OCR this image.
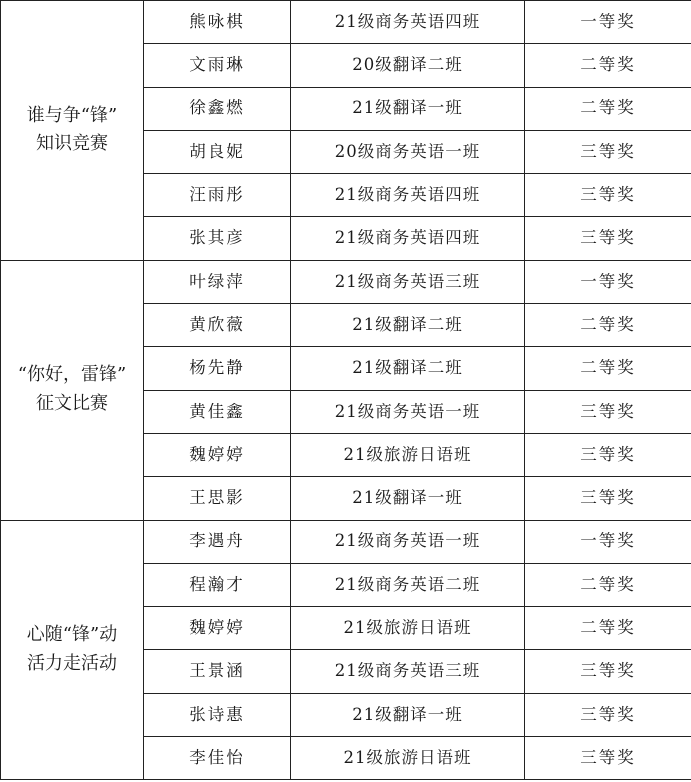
谁与争“锋”
知识竞赛	熊咏棋	21级商务英语四班	一等奖
	文雨琳	20级翻译二班	二等奖
	徐鑫燃	21级翻译一班	二等奖
	胡良妮	20级商务英语一班	三等奖
	汪雨彤	21级商务英语四班	三等奖
	张其彦	21级商务英语四班	三等奖

“你好，雷锋”
征文比赛	叶绿萍	21级商务英语三班	一等奖
	黄欣薇	21级翻译二班	二等奖
	杨先静	21级翻译二班	二等奖
	黄佳鑫	21级商务英语一班	三等奖
	魏婷婷	21级旅游日语班	三等奖
	王思影	21级翻译一班	三等奖

心随“锋”动
活力走活动	李遇舟	21级商务英语一班	一等奖
	程瀚才	21级商务英语二班	二等奖
	魏婷婷	21级旅游日语班	二等奖
	王景涵	21级商务英语三班	三等奖
	张诗惠	21级翻译一班	三等奖
	李佳怡	21级旅游日语班	三等奖
